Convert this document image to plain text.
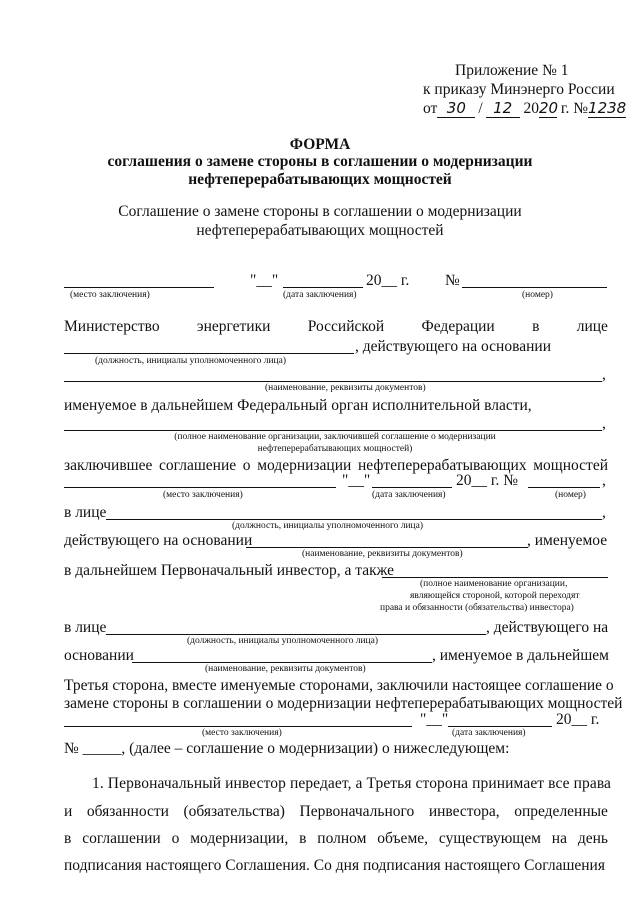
Приложение № 1
к приказу Минэнерго России
от 30 / 12 2020 г. №1238
ФОРМА
соглашения о замене стороны в соглашении о модернизации
нефтеперерабатывающих мощностей
Соглашение о замене стороны в соглашении о модернизации
нефтеперерабатывающих мощностей
"__"	20__ г. №
(место заключения)	(дата заключения)	(номер)
Министерство энергетики Российской Федерации в лице
, действующего на основании
(должность, инициалы уполномоченного лица)
,
(наименование, реквизиты документов)
именуемое в дальнейшем Федеральный орган исполнительной власти,
,
(полное наименование организации, заключившей соглашение о модернизации
нефтеперерабатывающих мощностей)
заключившее соглашение о модернизации нефтеперерабатывающих мощностей
"__"	20__ г. №	,
(место заключения)	(дата заключения)	(номер)
в лице	,
(должность, инициалы уполномоченного лица)
действующего на основании	, именуемое
(наименование, реквизиты документов)
в дальнейшем Первоначальный инвестор, а также
(полное наименование организации,
являющейся стороной, которой переходят
права и обязанности (обязательства) инвестора)
в лице	, действующего на
(должность, инициалы уполномоченного лица)
основании	, именуемое в дальнейшем
(наименование, реквизиты документов)
Третья сторона, вместе именуемые сторонами, заключили настоящее соглашение о
замене стороны в соглашении о модернизации нефтеперерабатывающих мощностей
"__"	20__ г.
(место заключения)	(дата заключения)
№ _____, (далее – соглашение о модернизации) о нижеследующем:
1. Первоначальный инвестор передает, а Третья сторона принимает все права
и обязанности (обязательства) Первоначального инвестора, определенные
в соглашении о модернизации, в полном объеме, существующем на день
подписания настоящего Соглашения. Со дня подписания настоящего Соглашения
